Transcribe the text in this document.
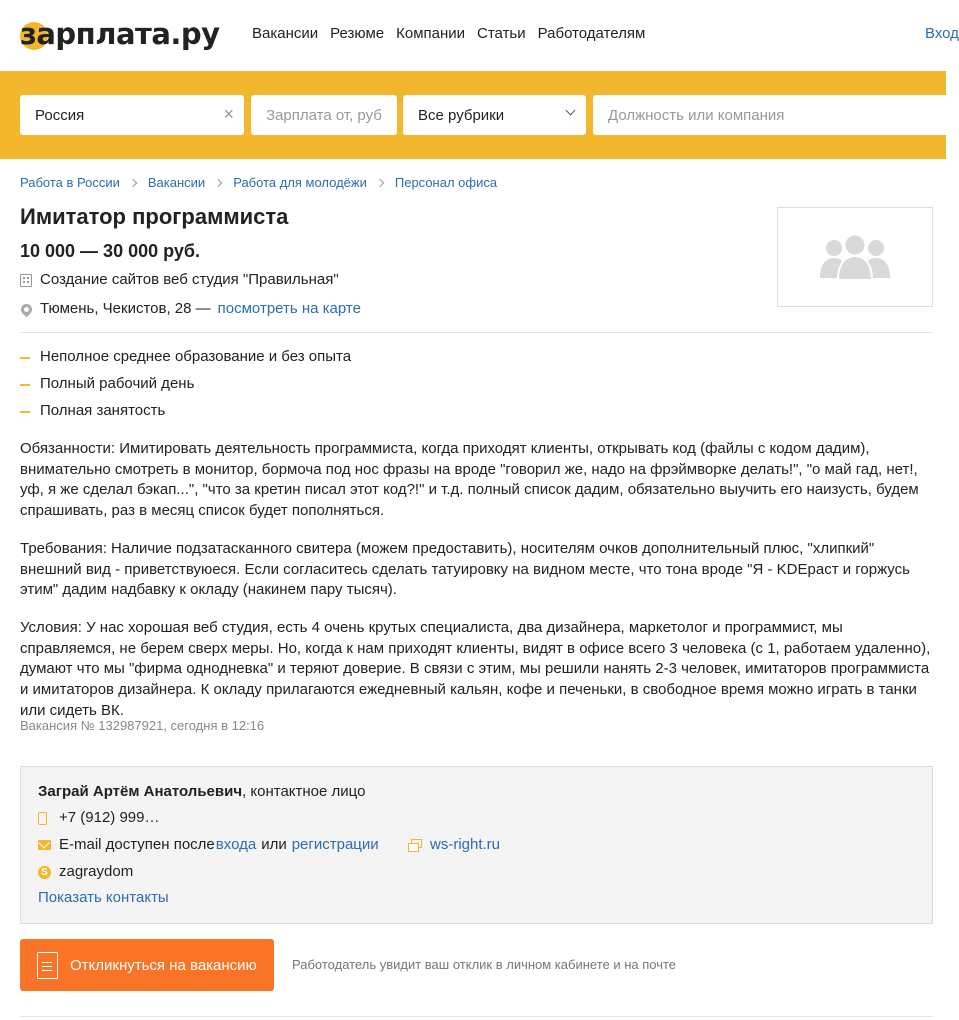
зарплата.ру Вакансии Резюме Компании Статьи Работодателям	Вход
Россия	× Зарплата от, руб Все рубрики	Должность или компания
Работа в России Вакансии Работа для молодёжи Персонал офиса
Имитатор программиста
10 000 — 30 000 руб.
Создание сайтов веб студия "Правильная"
Тюмень, Чекистов, 28 — посмотреть на карте
Неполное среднее образование и без опыта
Полный рабочий день
Полная занятость

Обязанности: Имитировать деятельность программиста, когда приходят клиенты, открывать код (файлы с кодом дадим), внимательно смотреть в монитор, бормоча под нос фразы на вроде "говорил же, надо на фрэймворке делать!", "о май гад, нет!, уф, я же сделал бэкап...", "что за кретин писал этот код?!" и т.д. полный список дадим, обязательно выучить его наизусть, будем спрашивать, раз в месяц список будет пополняться.

Требования: Наличие подзатасканного свитера (можем предоставить), носителям очков дополнительный плюс, "хлипкий" внешний вид - приветствуюеся. Если согласитесь сделать татуировку на видном месте, что тона вроде "Я - KDEраст и горжусь этим" дадим надбавку к окладу (накинем пару тысяч).

Условия: У нас хорошая веб студия, есть 4 очень крутых специалиста, два дизайнера, маркетолог и программист, мы справляемся, не берем сверх меры. Но, когда к нам приходят клиенты, видят в офисе всего 3 человека (с 1, работаем удаленно), думают что мы "фирма однодневка" и теряют доверие. В связи с этим, мы решили нанять 2-3 человек, имитаторов программиста и имитаторов дизайнера. К окладу прилагаются ежедневный кальян, кофе и печеньки, в свободное время можно играть в танки или сидеть ВК.

Вакансия № 132987921, сегодня в 12:16
Заграй Артём Анатольевич , контактное лицо
+7 (912) 999…
E-mail доступен после входа или регистрации	ws-right.ru
S zagraydom
Показать контакты
Откликнуться на вакансию	Работодатель увидит ваш отклик в личном кабинете и на почте
